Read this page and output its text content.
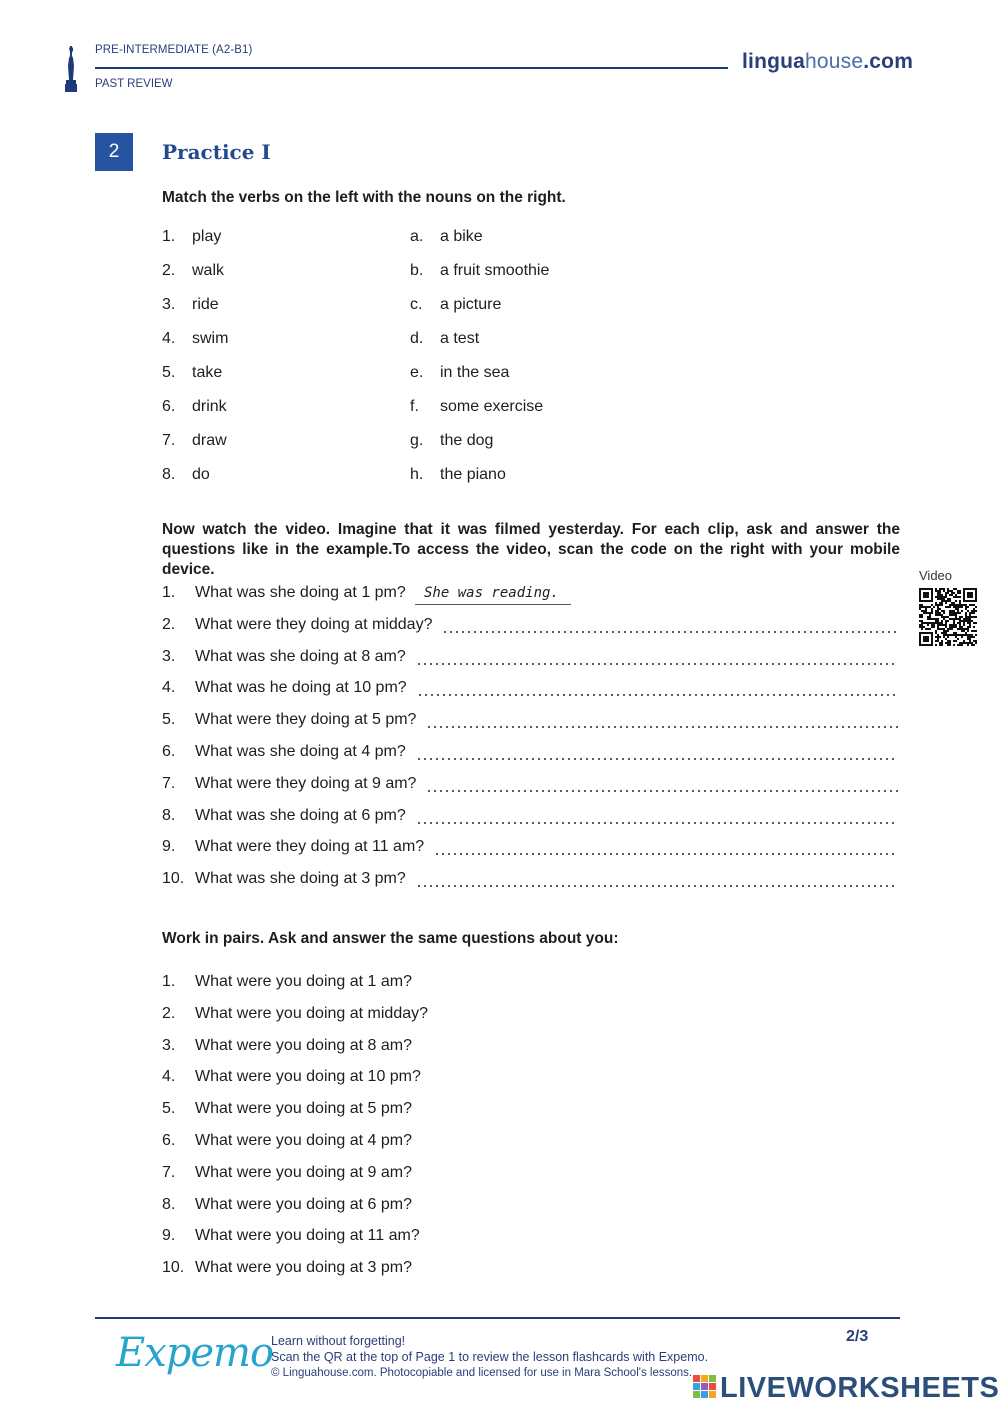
PRE-INTERMEDIATE (A2-B1)
PAST REVIEW
linguahouse.com
2	Practice I
Match the verbs on the left with the nouns on the right.
1. play
2. walk
3. ride
4. swim
5. take
6. drink
7. draw
8. do
a. a bike
b. a fruit smoothie
c. a picture
d. a test
e. in the sea
f. some exercise
g. the dog
h. the piano
Now watch the video. Imagine that it was filmed yesterday. For each clip, ask and answer the questions like in the example.To access the video, scan the code on the right with your mobile device.	Video
1. What was she doing at 1 pm?
2. What were they doing at midday?
3. What was she doing at 8 am?
4. What was he doing at 10 pm?
5. What were they doing at 5 pm?
6. What was she doing at 4 pm?
7. What were they doing at 9 am?
8. What was she doing at 6 pm?
9. What were they doing at 11 am?
10. What was she doing at 3 pm?
She was reading.
Work in pairs. Ask and answer the same questions about you:
1. What were you doing at 1 am?
2. What were you doing at midday?
3. What were you doing at 8 am?
4. What were you doing at 10 pm?
5. What were you doing at 5 pm?
6. What were you doing at 4 pm?
7. What were you doing at 9 am?
8. What were you doing at 6 pm?
9. What were you doing at 11 am?
10. What were you doing at 3 pm?
Expemo
Learn without forgetting!
Scan the QR at the top of Page 1 to review the lesson flashcards with Expemo.
© Linguahouse.com. Photocopiable and licensed for use in Mara School's lessons.
2/3
LIVEWORKSHEETS
